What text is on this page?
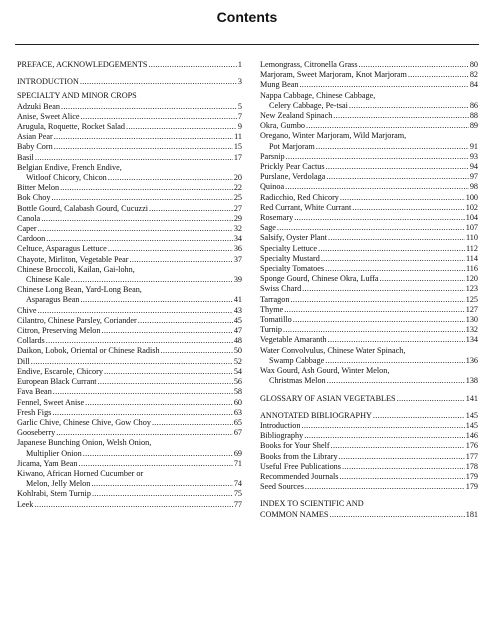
Contents
PREFACE, ACKNOWLEDGEMENTS .....	1
INTRODUCTION .....	3
SPECIALTY AND MINOR CROPS
Adzuki Bean .....	5
Anise, Sweet Alice .....	7
Arugula, Roquette, Rocket Salad .....	9
Asian Pear .....	11
Baby Corn .....	15
Basil .....	17
Belgian Endive, French Endive,
Witloof Chicory, Chicon .....	20
Bitter Melon .....	22
Bok Choy .....	25
Bottle Gourd, Calabash Gourd, Cucuzzi .....	27
Canola .....	29
Caper .....	32
Cardoon .....	34
Celtuce, Asparagus Lettuce .....	36
Chayote, Mirliton, Vegetable Pear .....	37
Chinese Broccoli, Kailan, Gai-lohn,
Chinese Kale .....	39
Chinese Long Bean, Yard-Long Bean,
Asparagus Bean .....	41
Chive .....	43
Cilantro, Chinese Parsley, Coriander .....	45
Citron, Preserving Melon .....	47
Collards .....	48
Daikon, Lobok, Oriental or Chinese Radish .....	50
Dill .....	52
Endive, Escarole, Chicory .....	54
European Black Currant .....	56
Fava Bean .....	58
Fennel, Sweet Anise .....	60
Fresh Figs .....	63
Garlic Chive, Chinese Chive, Gow Choy .....	65
Gooseberry .....	67
Japanese Bunching Onion, Welsh Onion,
Multiplier Onion .....	69
Jicama, Yam Bean .....	71
Kiwano, African Horned Cucumber or
Melon, Jelly Melon .....	74
Kohlrabi, Stem Turnip .....	75
Leek .....	77
Lemongrass, Citronella Grass .....	80
Marjoram, Sweet Marjoram, Knot Marjoram .....	82
Mung Bean .....	84
Nappa Cabbage, Chinese Cabbage,
Celery Cabbage, Pe-tsai .....	86
New Zealand Spinach .....	88
Okra, Gumbo .....	89
Oregano, Winter Marjoram, Wild Marjoram,
Pot Marjoram .....	91
Parsnip .....	93
Prickly Pear Cactus .....	94
Purslane, Verdolaga .....	97
Quinoa .....	98
Radicchio, Red Chicory .....	100
Red Currant, White Currant .....	102
Rosemary .....	104
Sage .....	107
Salsify, Oyster Plant .....	110
Specialty Lettuce .....	112
Specialty Mustard .....	114
Specialty Tomatoes .....	116
Sponge Gourd, Chinese Okra, Luffa .....	120
Swiss Chard .....	123
Tarragon .....	125
Thyme .....	127
Tomatillo .....	130
Turnip .....	132
Vegetable Amaranth .....	134
Water Convolvulus, Chinese Water Spinach,
Swamp Cabbage .....	136
Wax Gourd, Ash Gourd, Winter Melon,
Christmas Melon .....	138
GLOSSARY OF ASIAN VEGETABLES .....	141
ANNOTATED BIBLIOGRAPHY .....	145
Introduction .....	145
Bibliography .....	146
Books for Your Shelf .....	176
Books from the Library .....	177
Useful Free Publications .....	178
Recommended Journals .....	179
Seed Sources .....	179
INDEX TO SCIENTIFIC AND
COMMON NAMES .....	181
